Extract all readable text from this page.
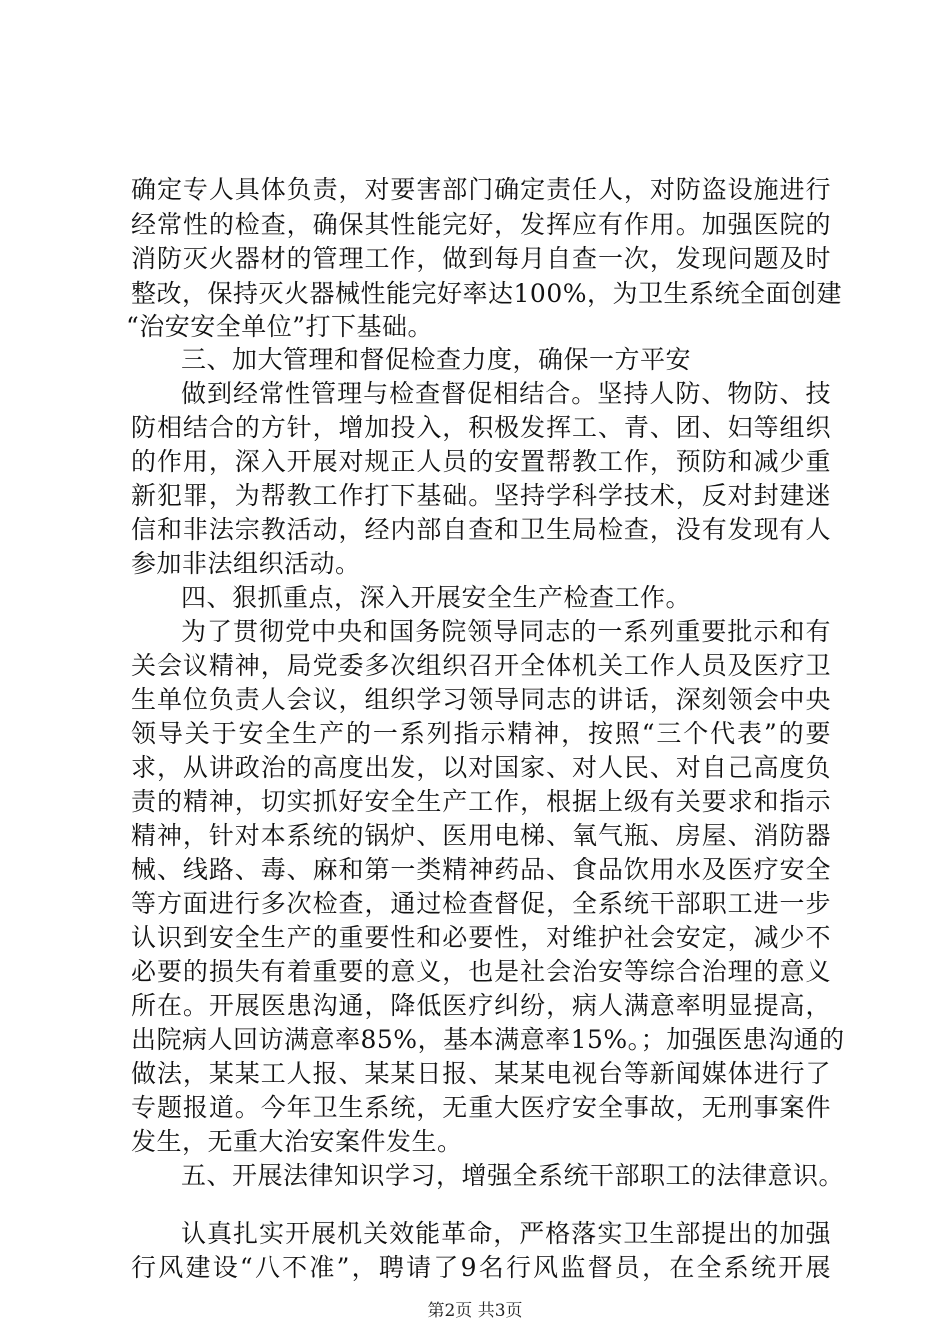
确定专人具体负责，对要害部门确定责任人，对防盗设施进行
经常性的检查，确保其性能完好，发挥应有作用。加强医院的
消防灭火器材的管理工作，做到每月自查一次，发现问题及时
整改，保持灭火器械性能完好率达100%，为卫生系统全面创建
“治安安全单位”打下基础。
三、加大管理和督促检查力度，确保一方平安
做到经常性管理与检查督促相结合。坚持人防、物防、技
防相结合的方针，增加投入，积极发挥工、青、团、妇等组织
的作用，深入开展对规正人员的安置帮教工作，预防和减少重
新犯罪，为帮教工作打下基础。坚持学科学技术，反对封建迷
信和非法宗教活动，经内部自查和卫生局检查，没有发现有人
参加非法组织活动。
四、狠抓重点，深入开展安全生产检查工作。
为了贯彻党中央和国务院领导同志的一系列重要批示和有
关会议精神，局党委多次组织召开全体机关工作人员及医疗卫
生单位负责人会议，组织学习领导同志的讲话，深刻领会中央
领导关于安全生产的一系列指示精神，按照“三个代表”的要
求，从讲政治的高度出发，以对国家、对人民、对自己高度负
责的精神，切实抓好安全生产工作，根据上级有关要求和指示
精神，针对本系统的锅炉、医用电梯、氧气瓶、房屋、消防器
械、线路、毒、麻和第一类精神药品、食品饮用水及医疗安全
等方面进行多次检查，通过检查督促，全系统干部职工进一步
认识到安全生产的重要性和必要性，对维护社会安定，减少不
必要的损失有着重要的意义，也是社会治安等综合治理的意义
所在。开展医患沟通，降低医疗纠纷，病人满意率明显提高，
出院病人回访满意率85%，基本满意率15%。；加强医患沟通的
做法，某某工人报、某某日报、某某电视台等新闻媒体进行了
专题报道。今年卫生系统，无重大医疗安全事故，无刑事案件
发生，无重大治安案件发生。
五、开展法律知识学习，增强全系统干部职工的法律意识。
认真扎实开展机关效能革命，严格落实卫生部提出的加强
行风建设“八不准”，聘请了9名行风监督员，在全系统开展
第2页 共3页
